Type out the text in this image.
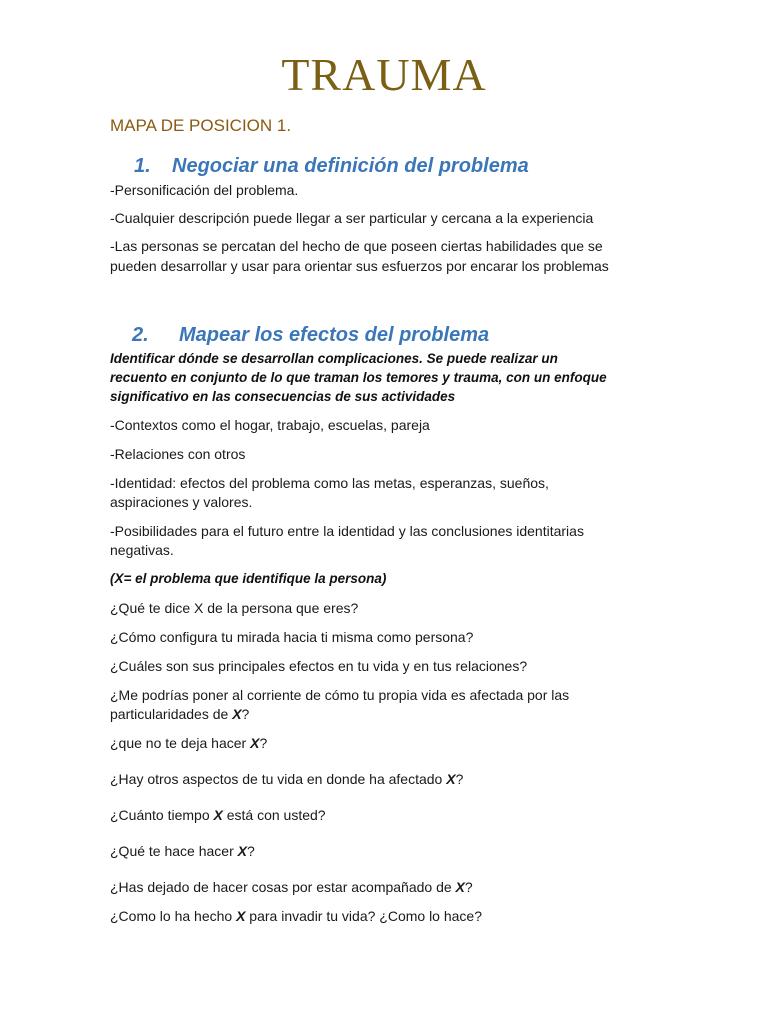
TRAUMA

MAPA DE POSICION 1.

1. Negociar una definición del problema

-Personificación del problema.

-Cualquier descripción puede llegar a ser particular y cercana a la experiencia

-Las personas se percatan del hecho de que poseen ciertas habilidades que se

pueden desarrollar y usar para orientar sus esfuerzos por encarar los problemas

2. Mapear los efectos del problema

Identificar dónde se desarrollan complicaciones. Se puede realizar un

recuento en conjunto de lo que traman los temores y trauma, con un enfoque

significativo en las consecuencias de sus actividades

-Contextos como el hogar, trabajo, escuelas, pareja

-Relaciones con otros

-Identidad: efectos del problema como las metas, esperanzas, sueños,

aspiraciones y valores.

-Posibilidades para el futuro entre la identidad y las conclusiones identitarias

negativas.

(X= el problema que identifique la persona)

¿Qué te dice X de la persona que eres?

¿Cómo configura tu mirada hacia ti misma como persona?

¿Cuáles son sus principales efectos en tu vida y en tus relaciones?

¿Me podrías poner al corriente de cómo tu propia vida es afectada por las

particularidades de X?

¿que no te deja hacer X?

¿Hay otros aspectos de tu vida en donde ha afectado X?

¿Cuánto tiempo X está con usted?

¿Qué te hace hacer X?

¿Has dejado de hacer cosas por estar acompañado de X?

¿Como lo ha hecho X para invadir tu vida? ¿Como lo hace?
